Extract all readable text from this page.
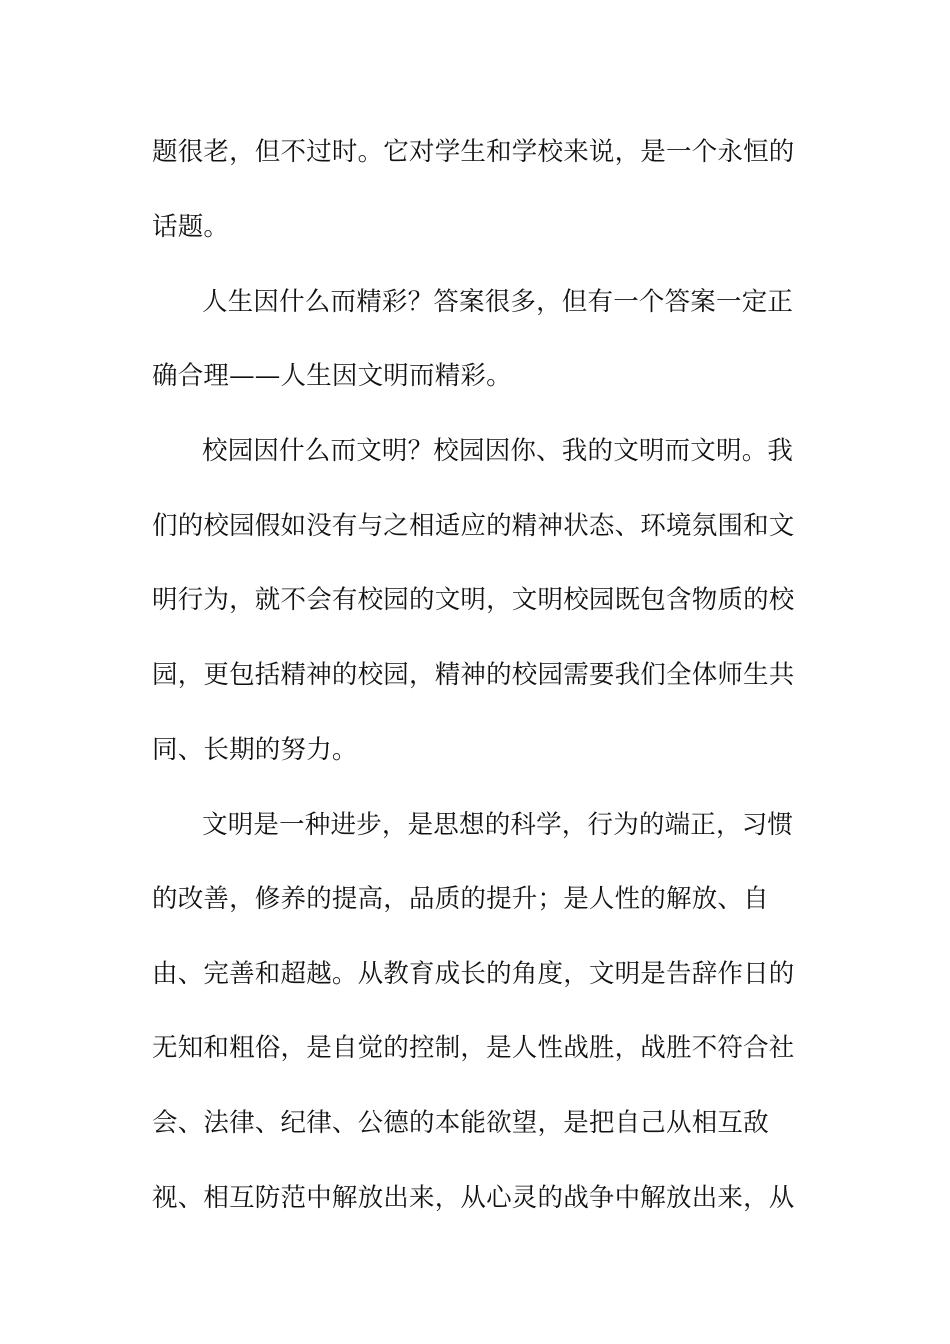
题很老，但不过时。它对学生和学校来说，是一个永恒的
话题。
人生因什么而精彩？答案很多，但有一个答案一定正
确合理——人生因文明而精彩。
校园因什么而文明？校园因你、我的文明而文明。我
们的校园假如没有与之相适应的精神状态、环境氛围和文
明行为，就不会有校园的文明，文明校园既包含物质的校
园，更包括精神的校园，精神的校园需要我们全体师生共
同、长期的努力。
文明是一种进步，是思想的科学，行为的端正，习惯
的改善，修养的提高，品质的提升；是人性的解放、自
由、完善和超越。从教育成长的角度，文明是告辞作日的
无知和粗俗，是自觉的控制，是人性战胜，战胜不符合社
会、法律、纪律、公德的本能欲望，是把自己从相互敌
视、相互防范中解放出来，从心灵的战争中解放出来，从
